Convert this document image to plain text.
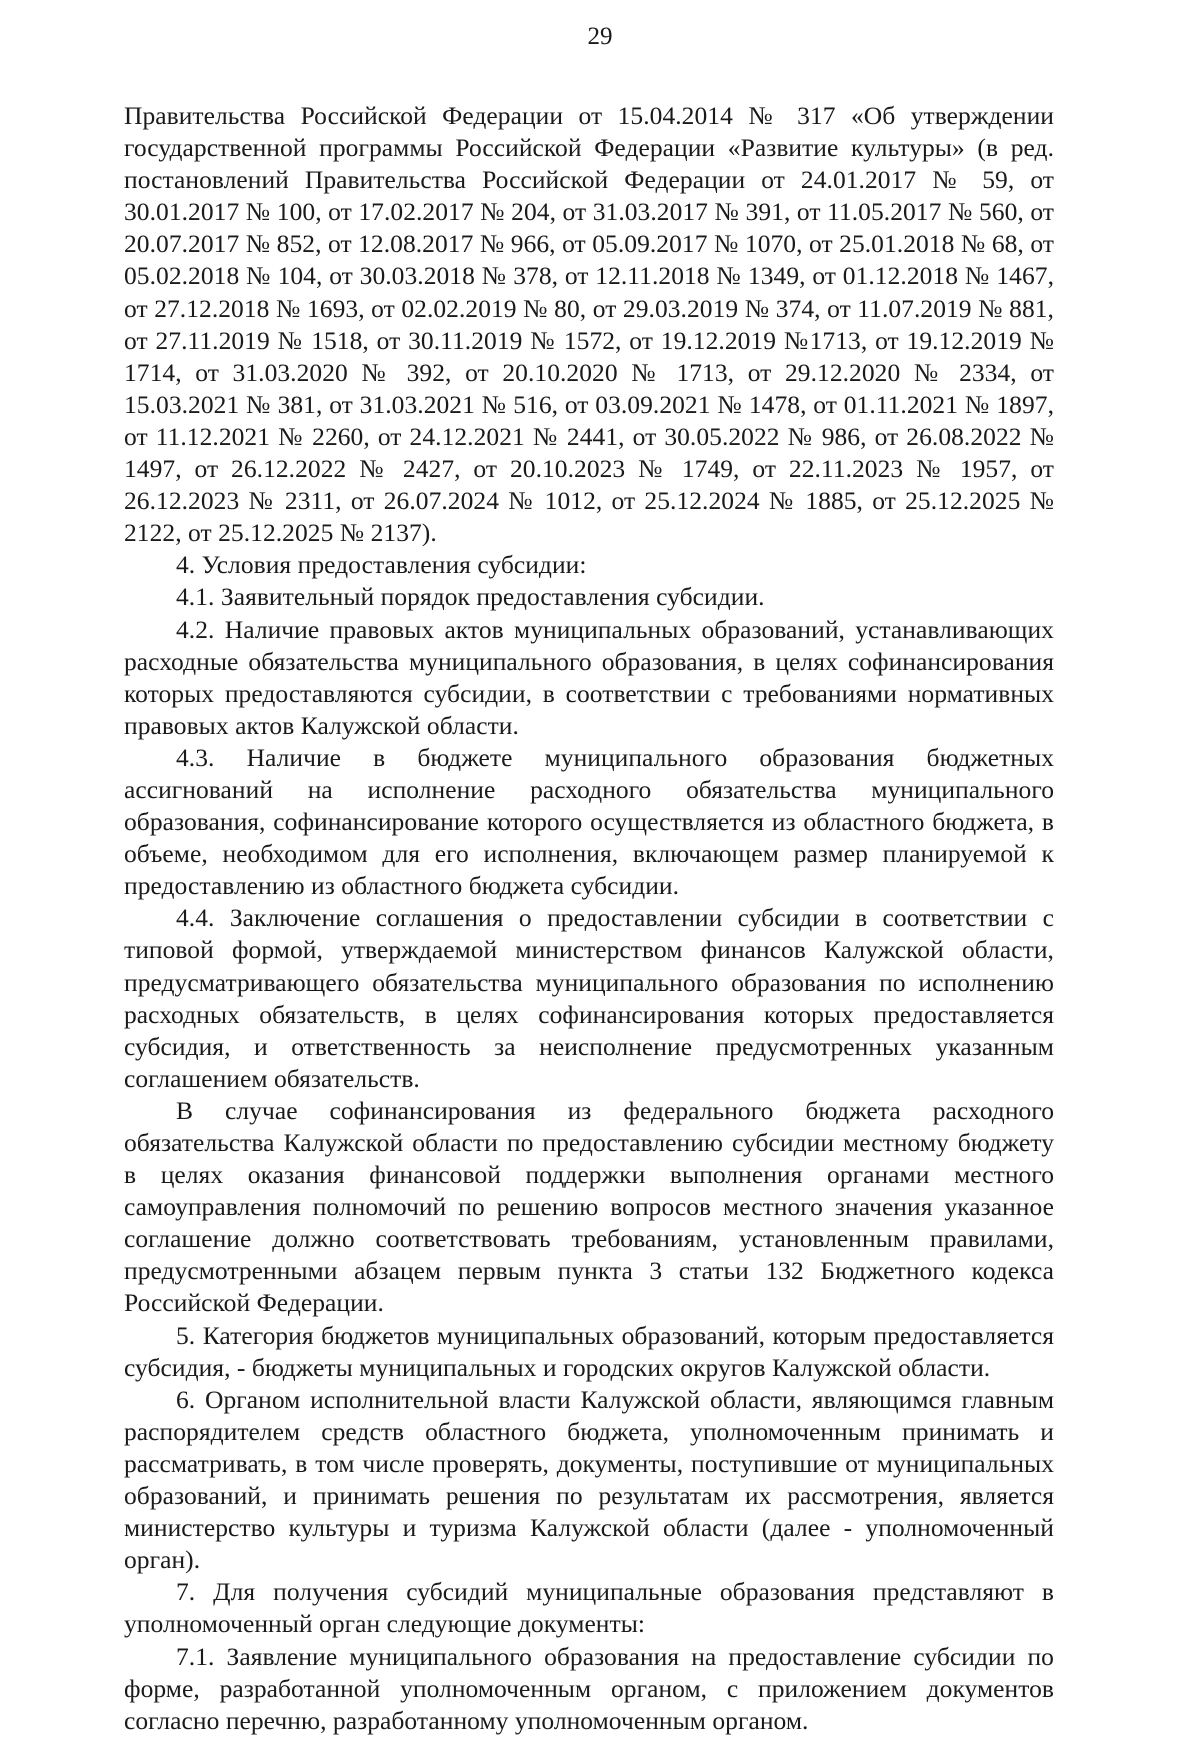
29

Правительства Российской Федерации от 15.04.2014 № 317 «Об утверждении государственной программы Российской Федерации «Развитие культуры» (в ред. постановлений Правительства Российской Федерации от 24.01.2017 № 59, от 30.01.2017 № 100, от 17.02.2017 № 204, от 31.03.2017 № 391, от 11.05.2017 № 560, от 20.07.2017 № 852, от 12.08.2017 № 966, от 05.09.2017 № 1070, от 25.01.2018 № 68, от 05.02.2018 № 104, от 30.03.2018 № 378, от 12.11.2018 № 1349, от 01.12.2018 № 1467, от 27.12.2018 № 1693, от 02.02.2019 № 80, от 29.03.2019 № 374, от 11.07.2019 № 881, от 27.11.2019 № 1518, от 30.11.2019 № 1572, от 19.12.2019 №1713, от 19.12.2019 № 1714, от 31.03.2020 № 392, от 20.10.2020 № 1713, от 29.12.2020 № 2334, от 15.03.2021 № 381, от 31.03.2021 № 516, от 03.09.2021 № 1478, от 01.11.2021 № 1897, от 11.12.2021 № 2260, от 24.12.2021 № 2441, от 30.05.2022 № 986, от 26.08.2022 № 1497, от 26.12.2022 № 2427, от 20.10.2023 № 1749, от 22.11.2023 № 1957, от 26.12.2023 № 2311, от 26.07.2024 № 1012, от 25.12.2024 № 1885, от 25.12.2025 № 2122, от 25.12.2025 № 2137).

4. Условия предоставления субсидии:

4.1. Заявительный порядок предоставления субсидии.

4.2. Наличие правовых актов муниципальных образований, устанавливающих расходные обязательства муниципального образования, в целях софинансирования которых предоставляются субсидии, в соответствии с требованиями нормативных правовых актов Калужской области.

4.3. Наличие в бюджете муниципального образования бюджетных ассигнований на исполнение расходного обязательства муниципального образования, софинансирование которого осуществляется из областного бюджета, в объеме, необходимом для его исполнения, включающем размер планируемой к предоставлению из областного бюджета субсидии.

4.4. Заключение соглашения о предоставлении субсидии в соответствии с типовой формой, утверждаемой министерством финансов Калужской области, предусматривающего обязательства муниципального образования по исполнению расходных обязательств, в целях софинансирования которых предоставляется субсидия, и ответственность за неисполнение предусмотренных указанным соглашением обязательств.

В случае софинансирования из федерального бюджета расходного обязательства Калужской области по предоставлению субсидии местному бюджету в целях оказания финансовой поддержки выполнения органами местного самоуправления полномочий по решению вопросов местного значения указанное соглашение должно соответствовать требованиям, установленным правилами, предусмотренными абзацем первым пункта 3 статьи 132 Бюджетного кодекса Российской Федерации.

5. Категория бюджетов муниципальных образований, которым предоставляется субсидия, - бюджеты муниципальных и городских округов Калужской области.

6. Органом исполнительной власти Калужской области, являющимся главным распорядителем средств областного бюджета, уполномоченным принимать и рассматривать, в том числе проверять, документы, поступившие от муниципальных образований, и принимать решения по результатам их рассмотрения, является министерство культуры и туризма Калужской области (далее - уполномоченный орган).

7. Для получения субсидий муниципальные образования представляют в уполномоченный орган следующие документы:

7.1. Заявление муниципального образования на предоставление субсидии по форме, разработанной уполномоченным органом, с приложением документов согласно перечню, разработанному уполномоченным органом.
